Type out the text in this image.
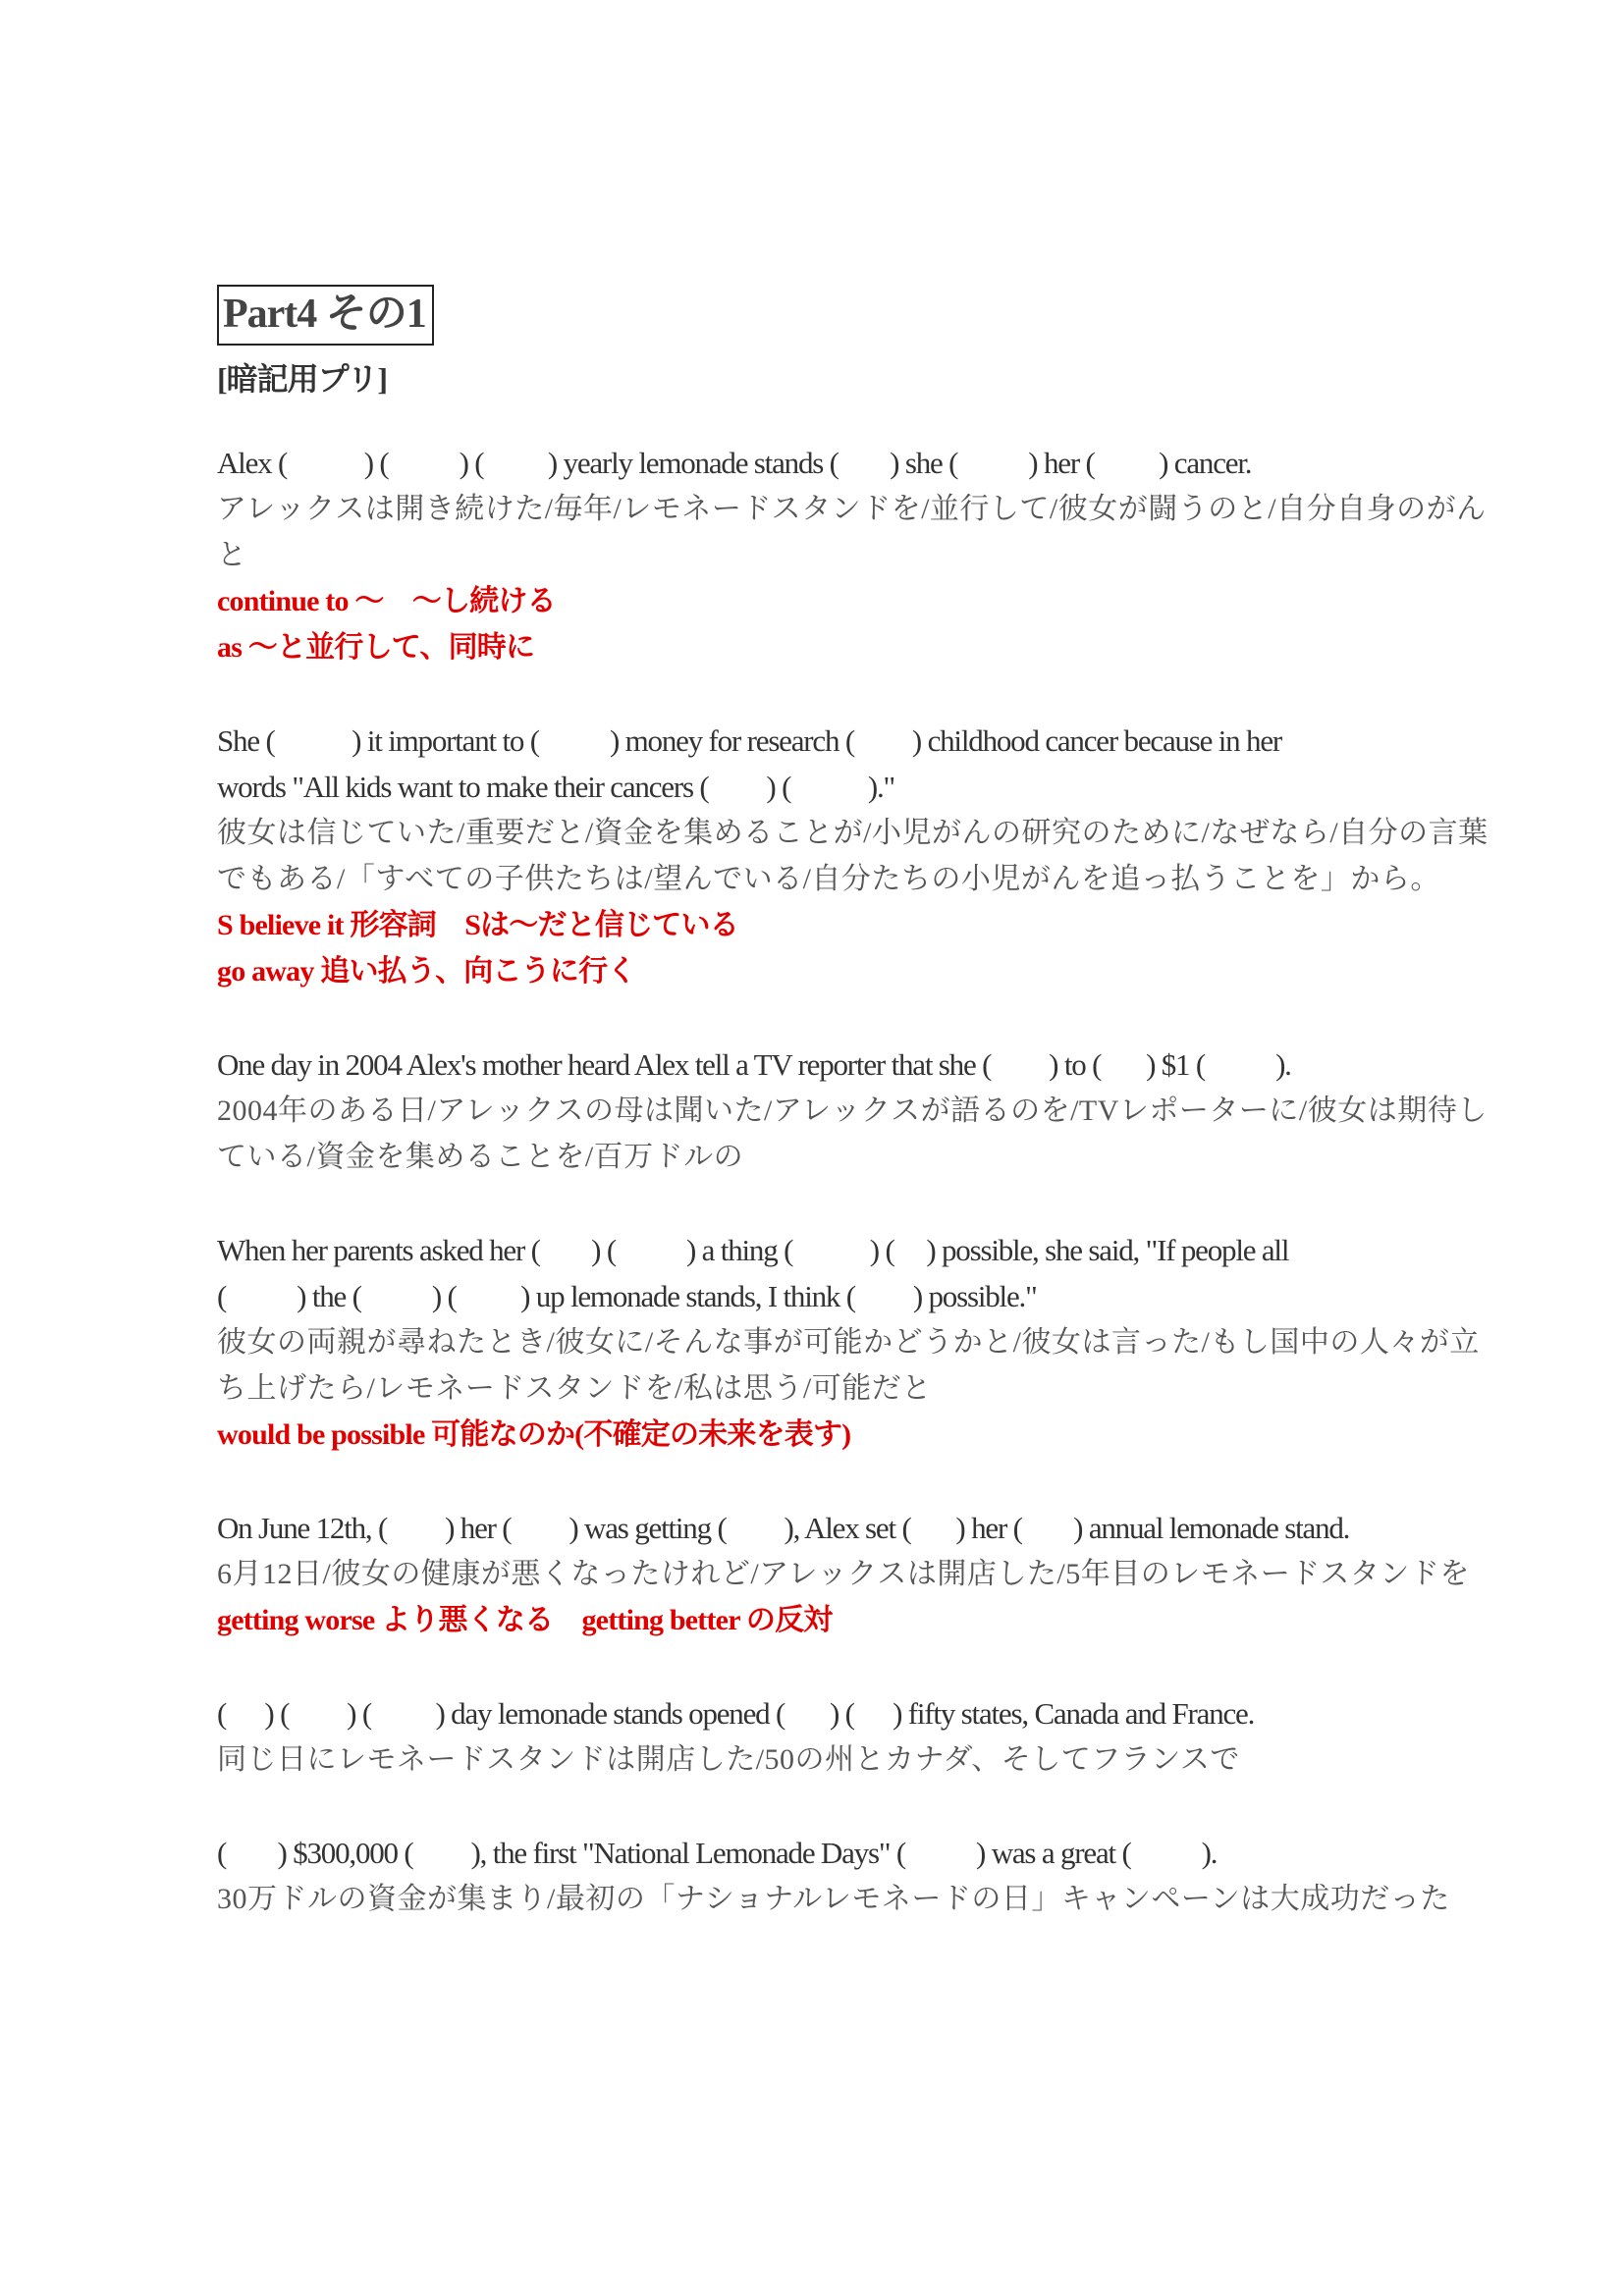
Part4 その1
[暗記用プリ]
Alex (            ) (           ) (          ) yearly lemonade stands (        ) she (           ) her (          ) cancer.
アレックスは開き続けた/毎年/レモネードスタンドを/並行して/彼女が闘うのと/自分自身のがん
と
continue to 〜　〜し続ける
as 〜と並行して、同時に
She (            ) it important to (           ) money for research (         ) childhood cancer because in her
words "All kids want to make their cancers (         ) (            )."
彼女は信じていた/重要だと/資金を集めることが/小児がんの研究のために/なぜなら/自分の言葉
でもある/「すべての子供たちは/望んでいる/自分たちの小児がんを追っ払うことを」から。
S believe it 形容詞　Sは〜だと信じている
go away 追い払う、向こうに行く
One day in 2004 Alex's mother heard Alex tell a TV reporter that she (         ) to (       ) $1 (           ).
2004年のある日/アレックスの母は聞いた/アレックスが語るのを/TVレポーターに/彼女は期待し
ている/資金を集めることを/百万ドルの
When her parents asked her (        ) (           ) a thing (            ) (     ) possible, she said, "If people all
(           ) the (           ) (          ) up lemonade stands, I think (         ) possible."
彼女の両親が尋ねたとき/彼女に/そんな事が可能かどうかと/彼女は言った/もし国中の人々が立
ち上げたら/レモネードスタンドを/私は思う/可能だと
would be possible 可能なのか(不確定の未来を表す)
On June 12th, (         ) her (         ) was getting (         ), Alex set (       ) her (        ) annual lemonade stand.
6月12日/彼女の健康が悪くなったけれど/アレックスは開店した/5年目のレモネードスタンドを
getting worse より悪くなる　getting better の反対
(      ) (         ) (          ) day lemonade stands opened (       ) (      ) fifty states, Canada and France.
同じ日にレモネードスタンドは開店した/50の州とカナダ、そしてフランスで
(        ) $300,000 (         ), the first "National Lemonade Days" (           ) was a great (           ).
30万ドルの資金が集まり/最初の「ナショナルレモネードの日」キャンペーンは大成功だった
